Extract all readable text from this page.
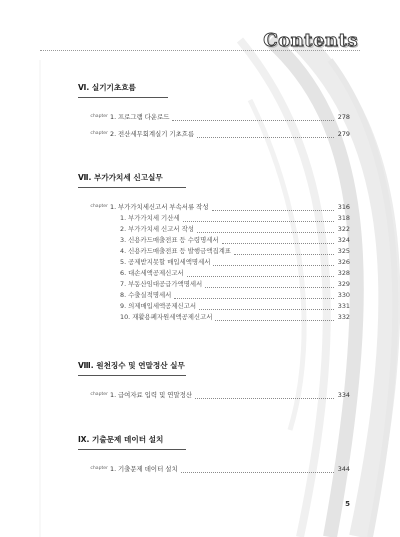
Contents
Ⅵ. 실기기초흐름
chapter 1. 프로그램 다운로드	278
chapter 2. 전산세무회계실기 기초흐름	279
Ⅶ. 부가가치세 신고실무
chapter 1. 부가가치세신고서 부속서류 작성	316
1. 부가가치세 기산세	318
2. 부가가치세 신고서 작성	322
3. 신용카드매출전표 등 수령명세서	324
4. 신용카드매출전표 등 발행금액집계표	325
5. 공제받지못할 매입세액명세서	326
6. 대손세액공제신고서	328
7. 부동산임대공급가액명세서	329
8. 수출실적명세서	330
9. 의제매입세액공제신고서	331
10. 재활용폐자원세액공제신고서	332
Ⅷ. 원천징수 및 연말정산 실무
chapter 1. 급여자료 입력 및 연말정산	334
Ⅸ. 기출문제 데이터 설치
chapter 1. 기출문제 데이터 설치	344
5
